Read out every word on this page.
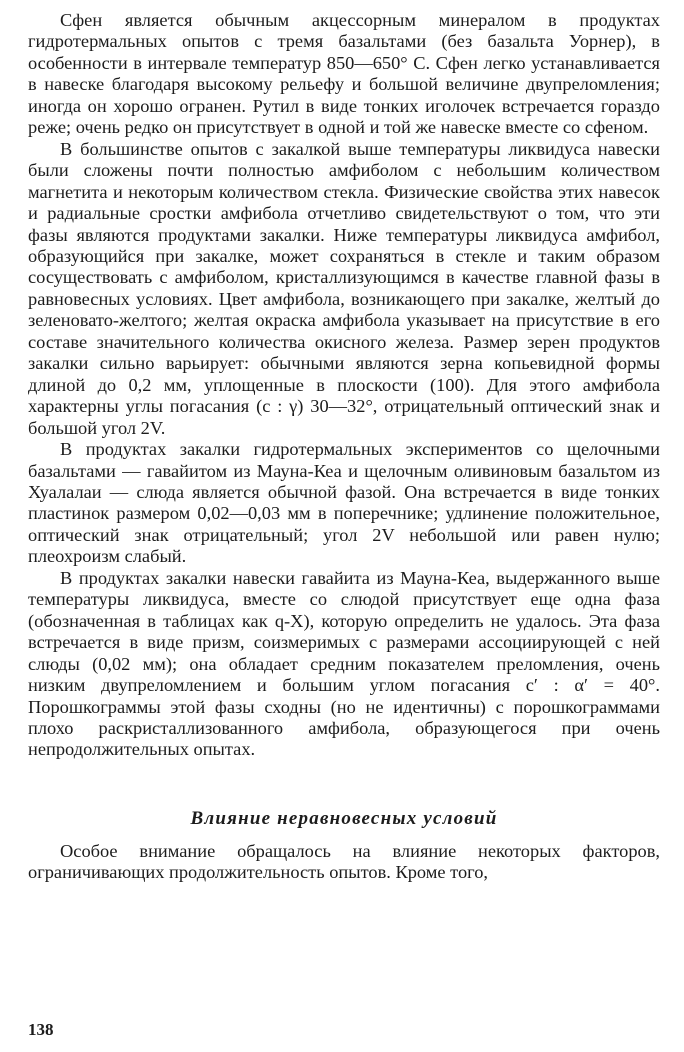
Сфен является обычным акцессорным минералом в продуктах гидротермальных опытов с тремя базальтами (без базальта Уорнер), в особенности в интервале температур 850—650° С. Сфен легко устанавливается в навеске благодаря высокому рельефу и большой величине двупреломления; иногда он хорошо огранен. Рутил в виде тонких иголочек встречается гораздо реже; очень редко он присутствует в одной и той же навеске вместе со сфеном.

В большинстве опытов с закалкой выше температуры ликвидуса навески были сложены почти полностью амфиболом с небольшим количеством магнетита и некоторым количеством стекла. Физические свойства этих навесок и радиальные сростки амфибола отчетливо свидетельствуют о том, что эти фазы являются продуктами закалки. Ниже температуры ликвидуса амфибол, образующийся при закалке, может сохраняться в стекле и таким образом сосуществовать с амфиболом, кристаллизующимся в качестве главной фазы в равновесных условиях. Цвет амфибола, возникающего при закалке, желтый до зеленовато-желтого; желтая окраска амфибола указывает на присутствие в его составе значительного количества окисного железа. Размер зерен продуктов закалки сильно варьирует: обычными являются зерна копьевидной формы длиной до 0,2 мм, уплощенные в плоскости (100). Для этого амфибола характерны углы погасания (c : γ) 30—32°, отрицательный оптический знак и большой угол 2V.

В продуктах закалки гидротермальных экспериментов со щелочными базальтами — гавайитом из Мауна-Кеа и щелочным оливиновым базальтом из Хуалалаи — слюда является обычной фазой. Она встречается в виде тонких пластинок размером 0,02—0,03 мм в поперечнике; удлинение положительное, оптический знак отрицательный; угол 2V небольшой или равен нулю; плеохроизм слабый.

В продуктах закалки навески гавайита из Мауна-Кеа, выдержанного выше температуры ликвидуса, вместе со слюдой присутствует еще одна фаза (обозначенная в таблицах как q-X), которую определить не удалось. Эта фаза встречается в виде призм, соизмеримых с размерами ассоциирующей с ней слюды (0,02 мм); она обладает средним показателем преломления, очень низким двупреломлением и большим углом погасания c′ : α′ = 40°. Порошкограммы этой фазы сходны (но не идентичны) с порошкограммами плохо раскристаллизованного амфибола, образующегося при очень непродолжительных опытах.

Влияние неравновесных условий

Особое внимание обращалось на влияние некоторых факторов, ограничивающих продолжительность опытов. Кроме того,

138
